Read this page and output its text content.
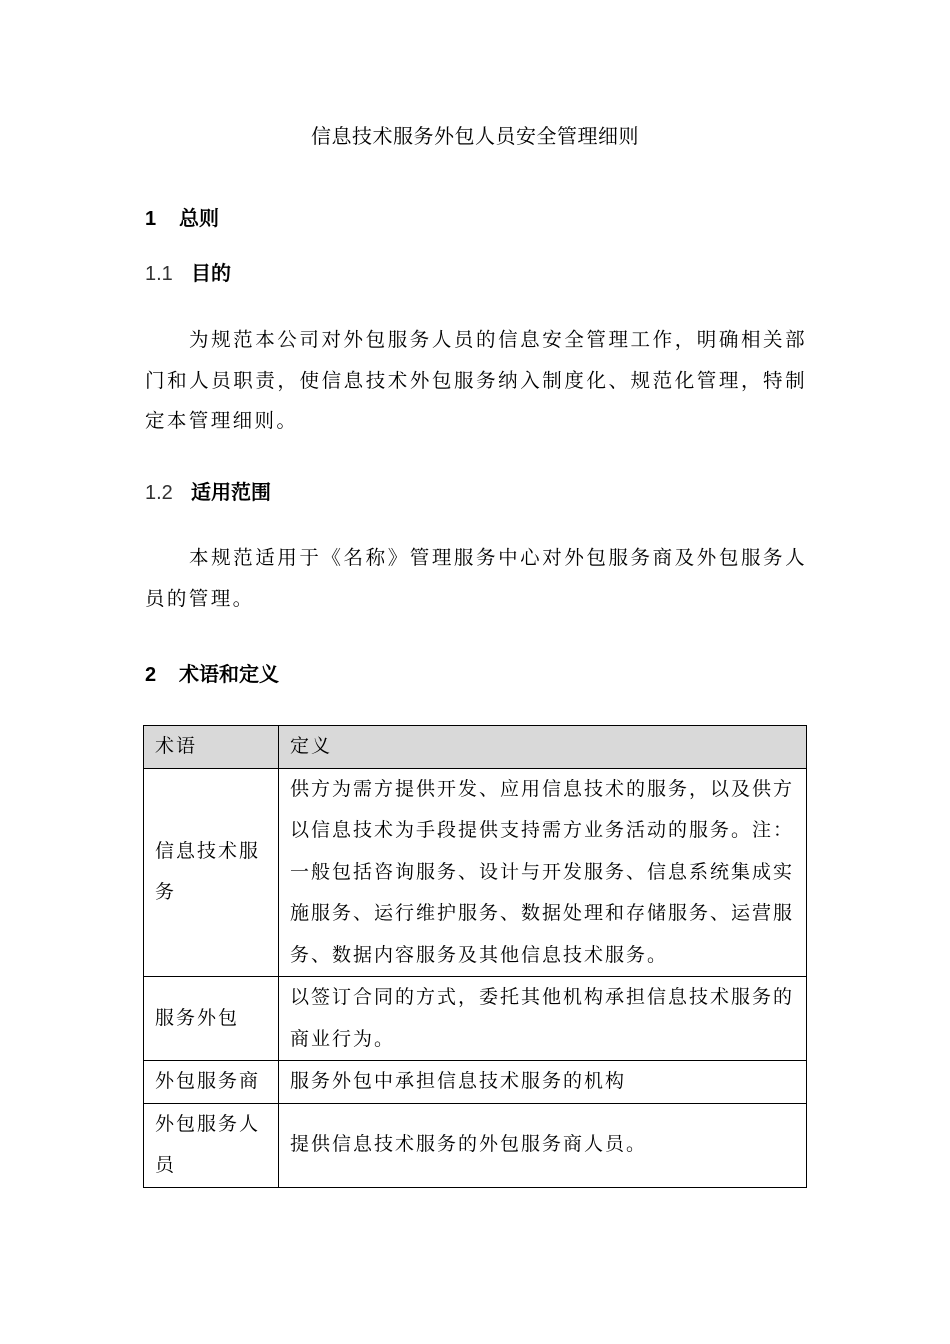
信息技术服务外包人员安全管理细则
1 总则
1.1 目的

为规范本公司对外包服务人员的信息安全管理工作，明确相关部门和人员职责，使信息技术外包服务纳入制度化、规范化管理，特制定本管理细则。

1.2 适用范围

本规范适用于《名称》管理服务中心对外包服务商及外包服务人员的管理。

2 术语和定义
术语	定义
信息技术服务	供方为需方提供开发、应用信息技术的服务，以及供方以信息技术为手段提供支持需方业务活动的服务。注：一般包括咨询服务、设计与开发服务、信息系统集成实施服务、运行维护服务、数据处理和存储服务、运营服务、数据内容服务及其他信息技术服务。
服务外包	以签订合同的方式，委托其他机构承担信息技术服务的商业行为。
外包服务商	服务外包中承担信息技术服务的机构
外包服务人员	提供信息技术服务的外包服务商人员。
